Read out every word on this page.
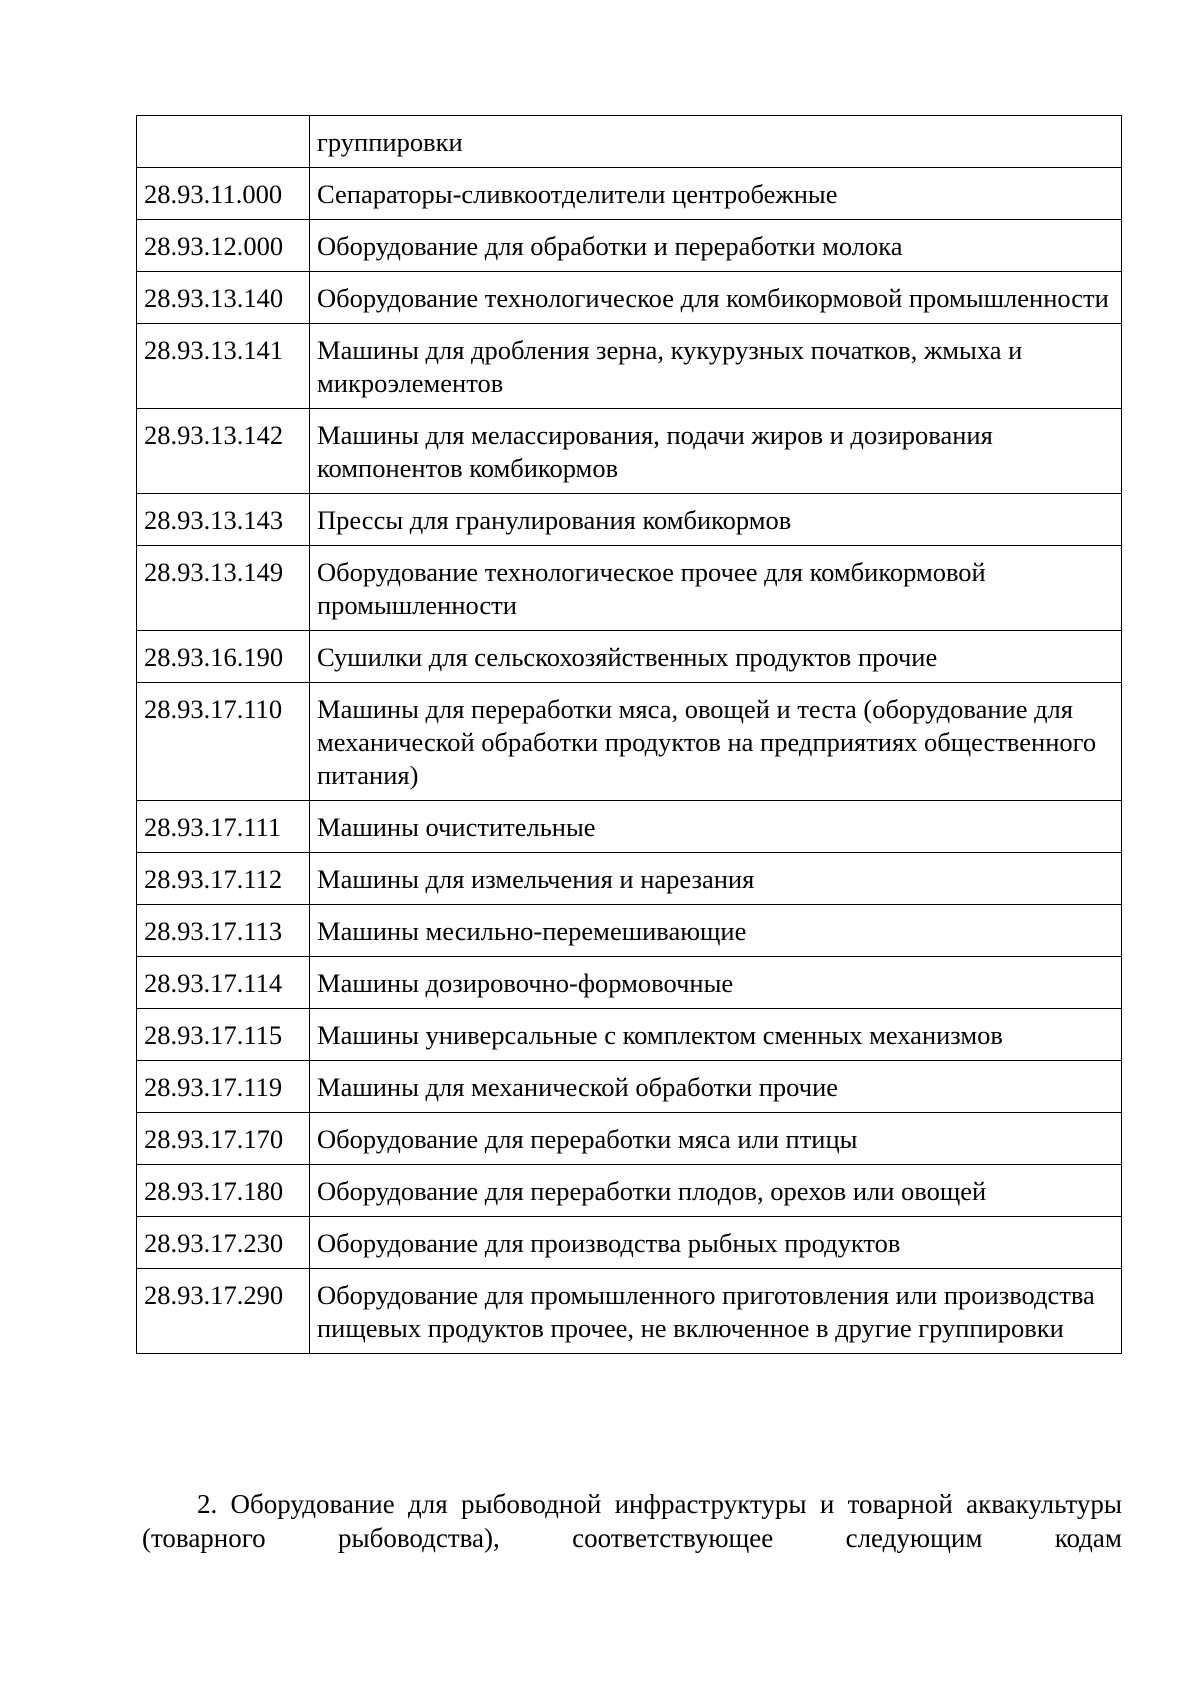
	группировки
28.93.11.000	Сепараторы-сливкоотделители центробежные
28.93.12.000	Оборудование для обработки и переработки молока
28.93.13.140	Оборудование технологическое для комбикормовой промышленности
28.93.13.141	Машины для дробления зерна, кукурузных початков, жмыха и микроэлементов
28.93.13.142	Машины для мелассирования, подачи жиров и дозирования компонентов комбикормов
28.93.13.143	Прессы для гранулирования комбикормов
28.93.13.149	Оборудование технологическое прочее для комбикормовой промышленности
28.93.16.190	Сушилки для сельскохозяйственных продуктов прочие
28.93.17.110	Машины для переработки мяса, овощей и теста (оборудование для механической обработки продуктов на предприятиях общественного питания)
28.93.17.111	Машины очистительные
28.93.17.112	Машины для измельчения и нарезания
28.93.17.113	Машины месильно-перемешивающие
28.93.17.114	Машины дозировочно-формовочные
28.93.17.115	Машины универсальные с комплектом сменных механизмов
28.93.17.119	Машины для механической обработки прочие
28.93.17.170	Оборудование для переработки мяса или птицы
28.93.17.180	Оборудование для переработки плодов, орехов или овощей
28.93.17.230	Оборудование для производства рыбных продуктов
28.93.17.290	Оборудование для промышленного приготовления или производства пищевых продуктов прочее, не включенное в другие группировки

2. Оборудование для рыбоводной инфраструктуры и товарной аквакультуры (товарного рыбоводства), соответствующее следующим кодам
